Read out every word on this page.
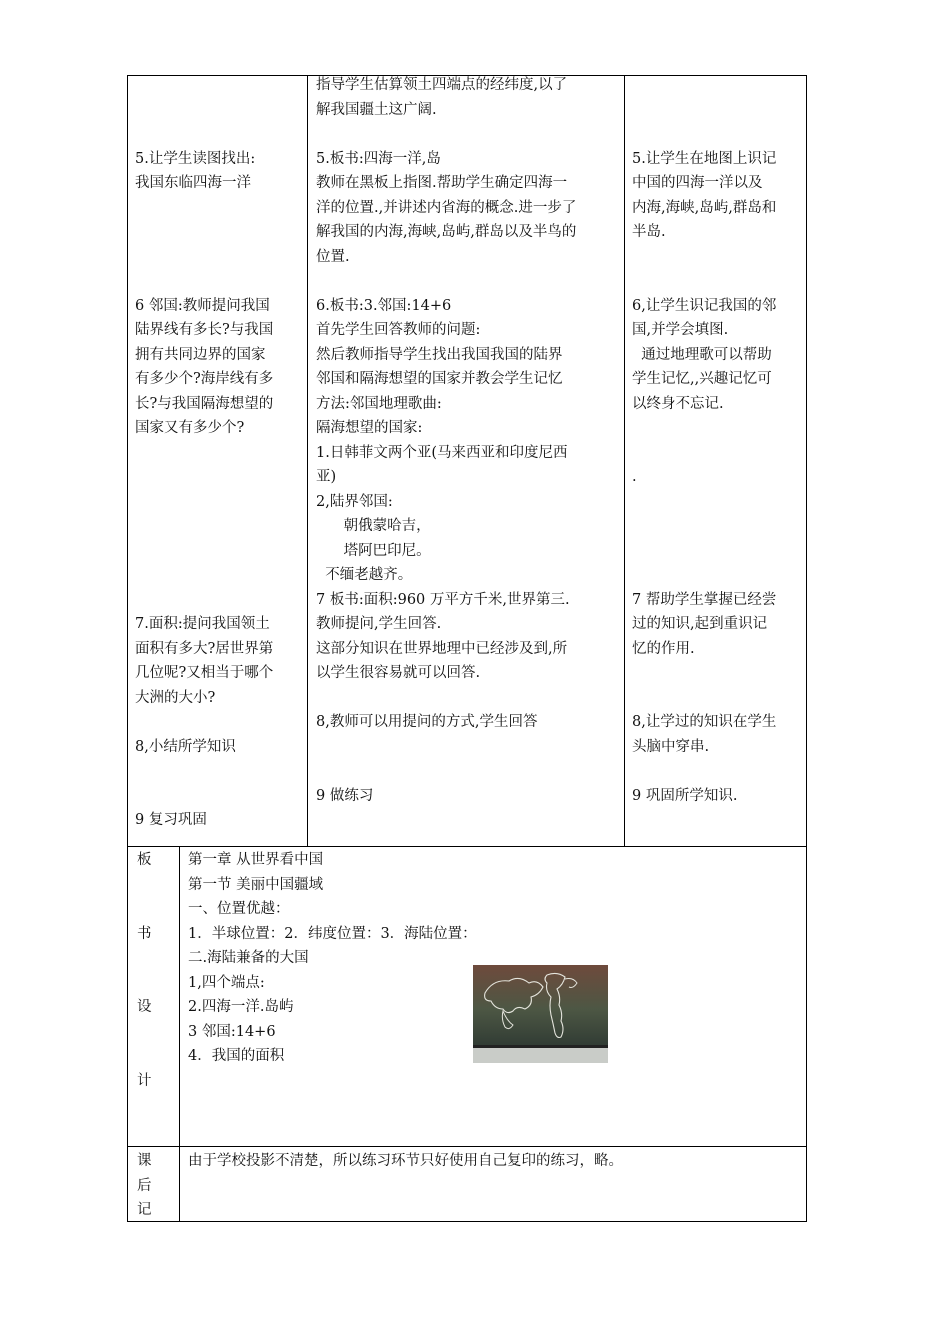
5.让学生读图找出:
我国东临四海一洋
6 邻国:教师提问我国
陆界线有多长?与我国
拥有共同边界的国家
有多少个?海岸线有多
长?与我国隔海想望的
国家又有多少个?
7.面积:提问我国领土
面积有多大?居世界第
几位呢?又相当于哪个
大洲的大小?
8,小结所学知识
9 复习巩固
指导学生估算领土四端点的经纬度,以了
解我国疆土这广阔.
5.板书:四海一洋,岛
教师在黑板上指图.帮助学生确定四海一
洋的位置.,并讲述内省海的概念.进一步了
解我国的内海,海峡,岛屿,群岛以及半鸟的
位置.
6.板书:3.邻国:14+6
首先学生回答教师的问题:
然后教师指导学生找出我国我国的陆界
邻国和隔海想望的国家并教会学生记忆
方法:邻国地理歌曲:
隔海想望的国家:
1.日韩菲文两个亚(马来西亚和印度尼西
亚)
2,陆界邻国:
朝俄蒙哈吉，
塔阿巴印尼。
不缅老越齐。
7 板书:面积:960 万平方千米,世界第三.
教师提问,学生回答.
这部分知识在世界地理中已经涉及到,所
以学生很容易就可以回答.
8,教师可以用提问的方式,学生回答
9 做练习
5.让学生在地图上识记
中国的四海一洋以及
内海,海峡,岛屿,群岛和
半岛.
6,让学生识记我国的邻
国,并学会填图.
通过地理歌可以帮助
学生记忆,,兴趣记忆可
以终身不忘记.
.
7 帮助学生掌握已经尝
过的知识,起到重识记
忆的作用.
8,让学过的知识在学生
头脑中穿串.
9 巩固所学知识.
板
书
设
计
第一章 从世界看中国
第一节 美丽中国疆域
一、位置优越：
1．半球位置：2．纬度位置：3．海陆位置：
二.海陆兼备的大国
1,四个端点:
2.四海一洋.岛屿
3 邻国:14+6
4．我国的面积
课
后
记
由于学校投影不清楚，所以练习环节只好使用自己复印的练习，略。
